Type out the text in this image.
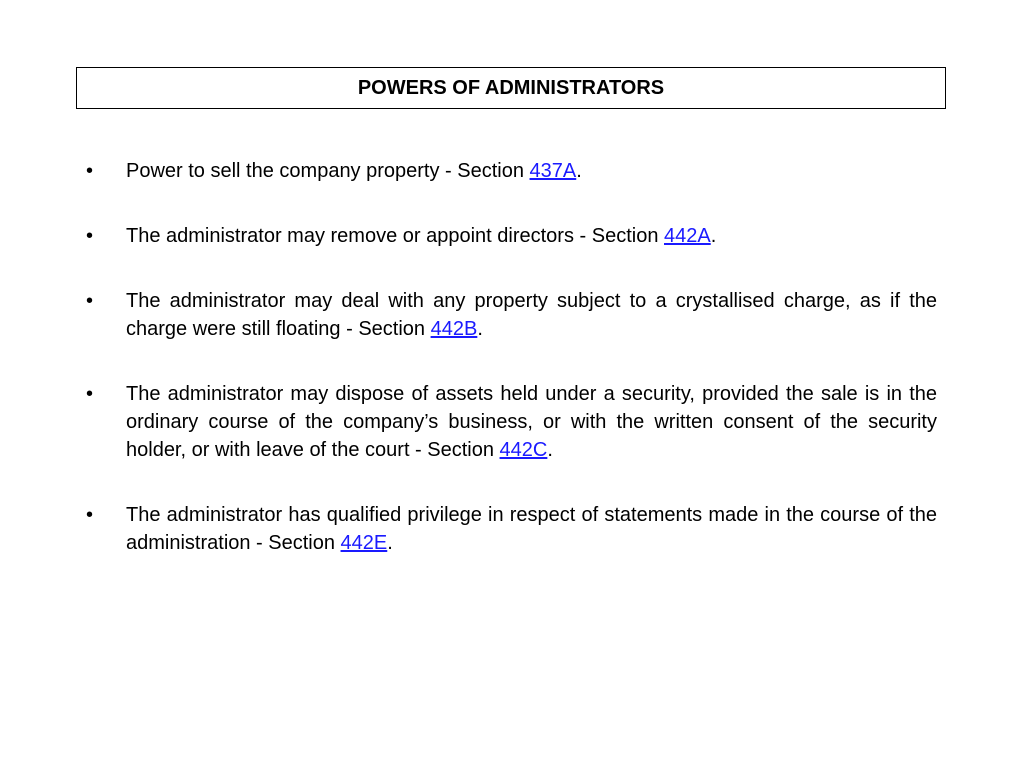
POWERS OF ADMINISTRATORS
•	Power to sell the company property - Section 437A.
•	The administrator may remove or appoint directors - Section 442A.
•	The administrator may deal with any property subject to a crystallised charge, as if the charge were still floating - Section 442B.
•	The administrator may dispose of assets held under a security, provided the sale is in the ordinary course of the company’s business, or with the written consent of the security holder, or with leave of the court - Section 442C.
•	The administrator has qualified privilege in respect of statements made in the course of the administration - Section 442E.
